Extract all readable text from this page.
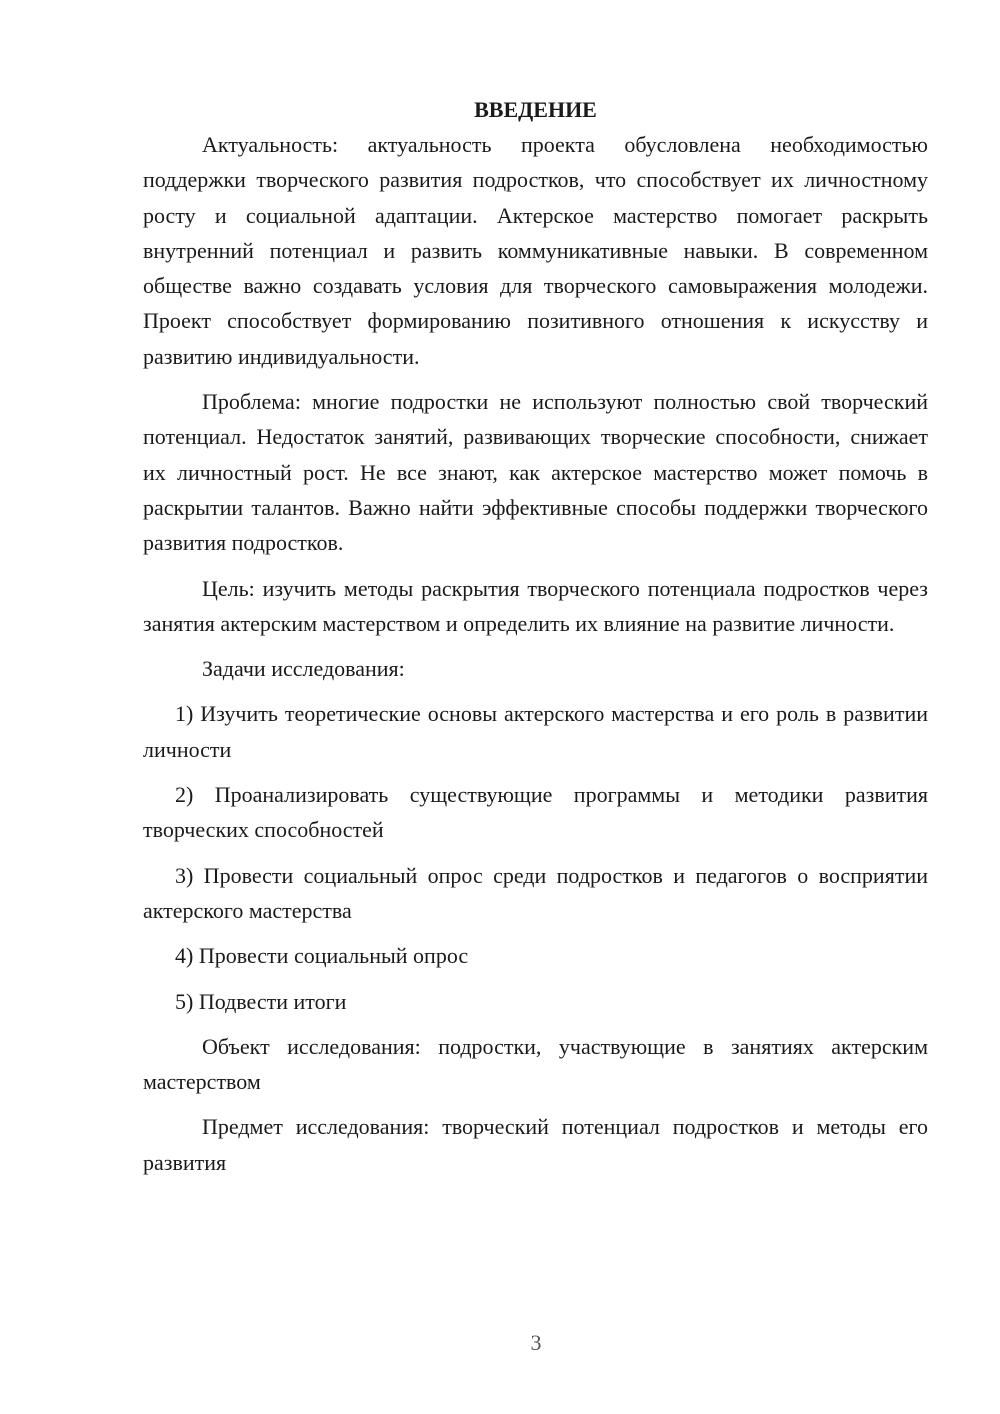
ВВЕДЕНИЕ

Актуальность: актуальность проекта обусловлена необходимостью поддержки творческого развития подростков, что способствует их личностному росту и социальной адаптации. Актерское мастерство помогает раскрыть внутренний потенциал и развить коммуникативные навыки. В современном обществе важно создавать условия для творческого самовыражения молодежи. Проект способствует формированию позитивного отношения к искусству и развитию индивидуальности.

Проблема: многие подростки не используют полностью свой творческий потенциал. Недостаток занятий, развивающих творческие способности, снижает их личностный рост. Не все знают, как актерское мастерство может помочь в раскрытии талантов. Важно найти эффективные способы поддержки творческого развития подростков.

Цель: изучить методы раскрытия творческого потенциала подростков через занятия актерским мастерством и определить их влияние на развитие личности.

Задачи исследования:

1) Изучить теоретические основы актерского мастерства и его роль в развитии личности

2) Проанализировать существующие программы и методики развития творческих способностей

3) Провести социальный опрос среди подростков и педагогов о восприятии актерского мастерства

4) Провести социальный опрос

5) Подвести итоги

Объект исследования: подростки, участвующие в занятиях актерским мастерством

Предмет исследования: творческий потенциал подростков и методы его развития

3
